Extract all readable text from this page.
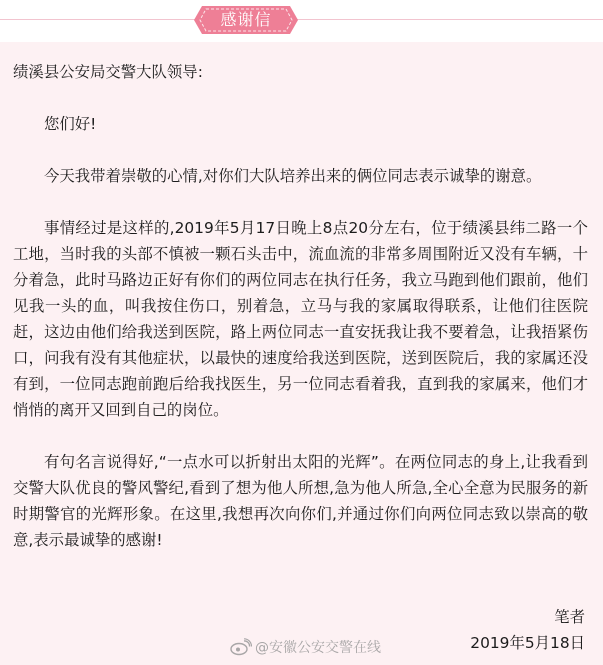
感谢信

绩溪县公安局交警大队领导:

您们好!

今天我带着崇敬的心情,对你们大队培养出来的俩位同志表示诚挚的谢意。

事情经过是这样的,2019年5月17日晚上8点20分左右，位于绩溪县纬二路一个工地，当时我的头部不慎被一颗石头击中，流血流的非常多周围附近又没有车辆，十分着急，此时马路边正好有你们的两位同志在执行任务，我立马跑到他们跟前，他们见我一头的血，叫我按住伤口，别着急，立马与我的家属取得联系，让他们往医院赶，这边由他们给我送到医院，路上两位同志一直安抚我让我不要着急，让我捂紧伤口，问我有没有其他症状，以最快的速度给我送到医院，送到医院后，我的家属还没有到，一位同志跑前跑后给我找医生，另一位同志看着我，直到我的家属来，他们才悄悄的离开又回到自己的岗位。

有句名言说得好,“一点水可以折射出太阳的光辉”。在两位同志的身上,让我看到交警大队优良的警风警纪,看到了想为他人所想,急为他人所急,全心全意为民服务的新时期警官的光辉形象。在这里,我想再次向你们,并通过你们向两位同志致以崇高的敬意,表示最诚挚的感谢!

笔者
2019年5月18日
@安徽公安交警在线
